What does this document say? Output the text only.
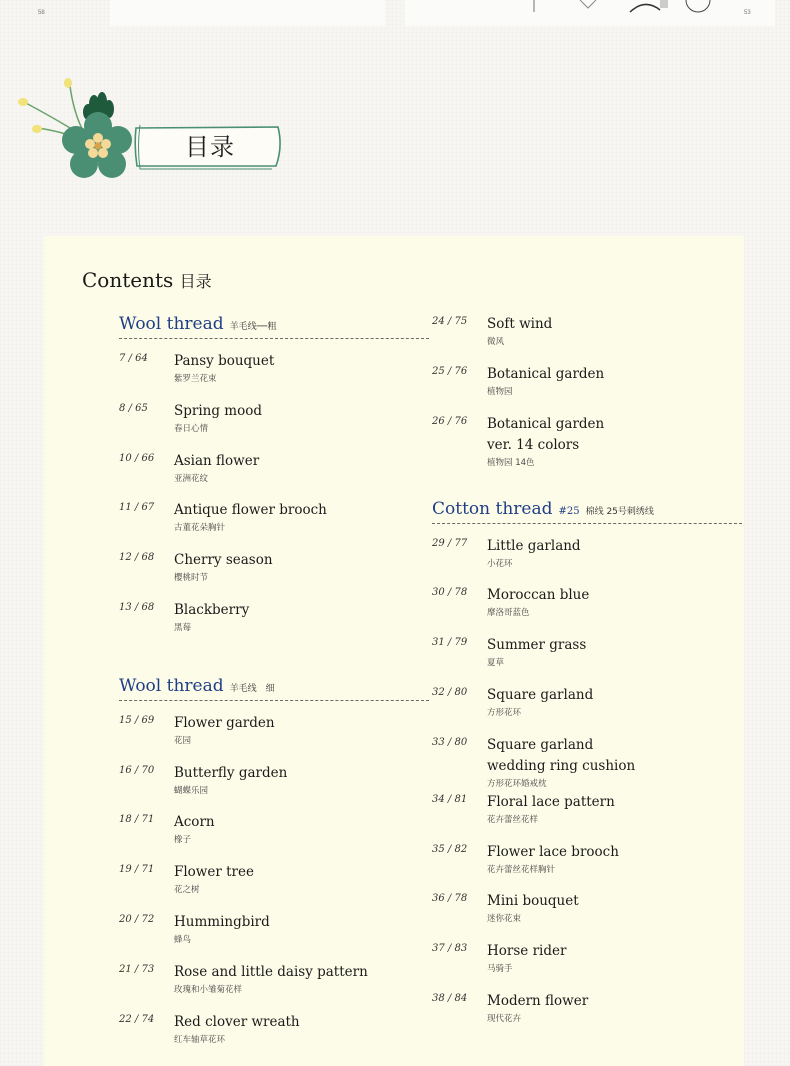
58	53
目录
Contents 目录
Wool thread 羊毛线──粗
7 / 64 Pansy bouquet
紫罗兰花束
8 / 65 Spring mood
春日心情
10 / 66 Asian flower
亚洲花纹
11 / 67 Antique flower brooch
古董花朵胸针
12 / 68 Cherry season
樱桃时节
13 / 68 Blackberry
黑莓
Wool thread 羊毛线　细
15 / 69 Flower garden
花园
16 / 70 Butterfly garden
蝴蝶乐园
18 / 71 Acorn
橡子
19 / 71 Flower tree
花之树
20 / 72 Hummingbird
蜂鸟
21 / 73 Rose and little daisy pattern
玫瑰和小雏菊花样
22 / 74 Red clover wreath
红车轴草花环
24 / 75 Soft wind
微风
25 / 76 Botanical garden
植物园
26 / 76 Botanical garden
ver. 14 colors
植物园 14色
Cotton thread #25 棉线 25号刺绣线
29 / 77 Little garland
小花环
30 / 78 Moroccan blue
摩洛哥蓝色
31 / 79 Summer grass
夏草
32 / 80 Square garland
方形花环
33 / 80 Square garland
wedding ring cushion
方形花环婚戒枕
34 / 81 Floral lace pattern
花卉蕾丝花样
35 / 82 Flower lace brooch
花卉蕾丝花样胸针
36 / 78 Mini bouquet
迷你花束
37 / 83 Horse rider
马骑手
38 / 84 Modern flower
现代花卉
